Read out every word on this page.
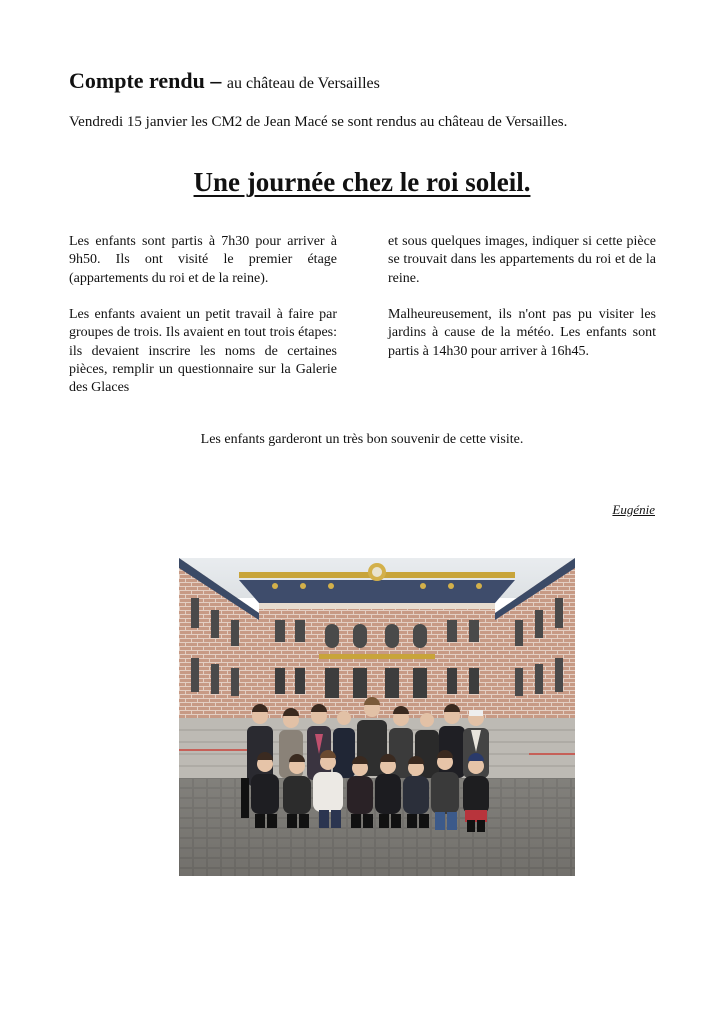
Compte rendu – au château de Versailles
Vendredi 15 janvier les CM2 de Jean Macé se sont rendus au château de Versailles.
Une journée chez le roi soleil.

Les enfants sont partis à 7h30 pour arriver à 9h50. Ils ont visité le premier étage (appartements du roi et de la reine).

Les enfants avaient un petit travail à faire par groupes de trois. Ils avaient en tout trois étapes: ils devaient inscrire les noms de certaines pièces, remplir un questionnaire sur la Galerie des Glaces

et sous quelques images, indiquer si cette pièce se trouvait dans les appartements du roi et de la reine.

Malheureusement, ils n'ont pas pu visiter les jardins à cause de la météo. Les enfants sont partis à 14h30 pour arriver à 16h45.

Les enfants garderont un très bon souvenir de cette visite.
Eugénie
